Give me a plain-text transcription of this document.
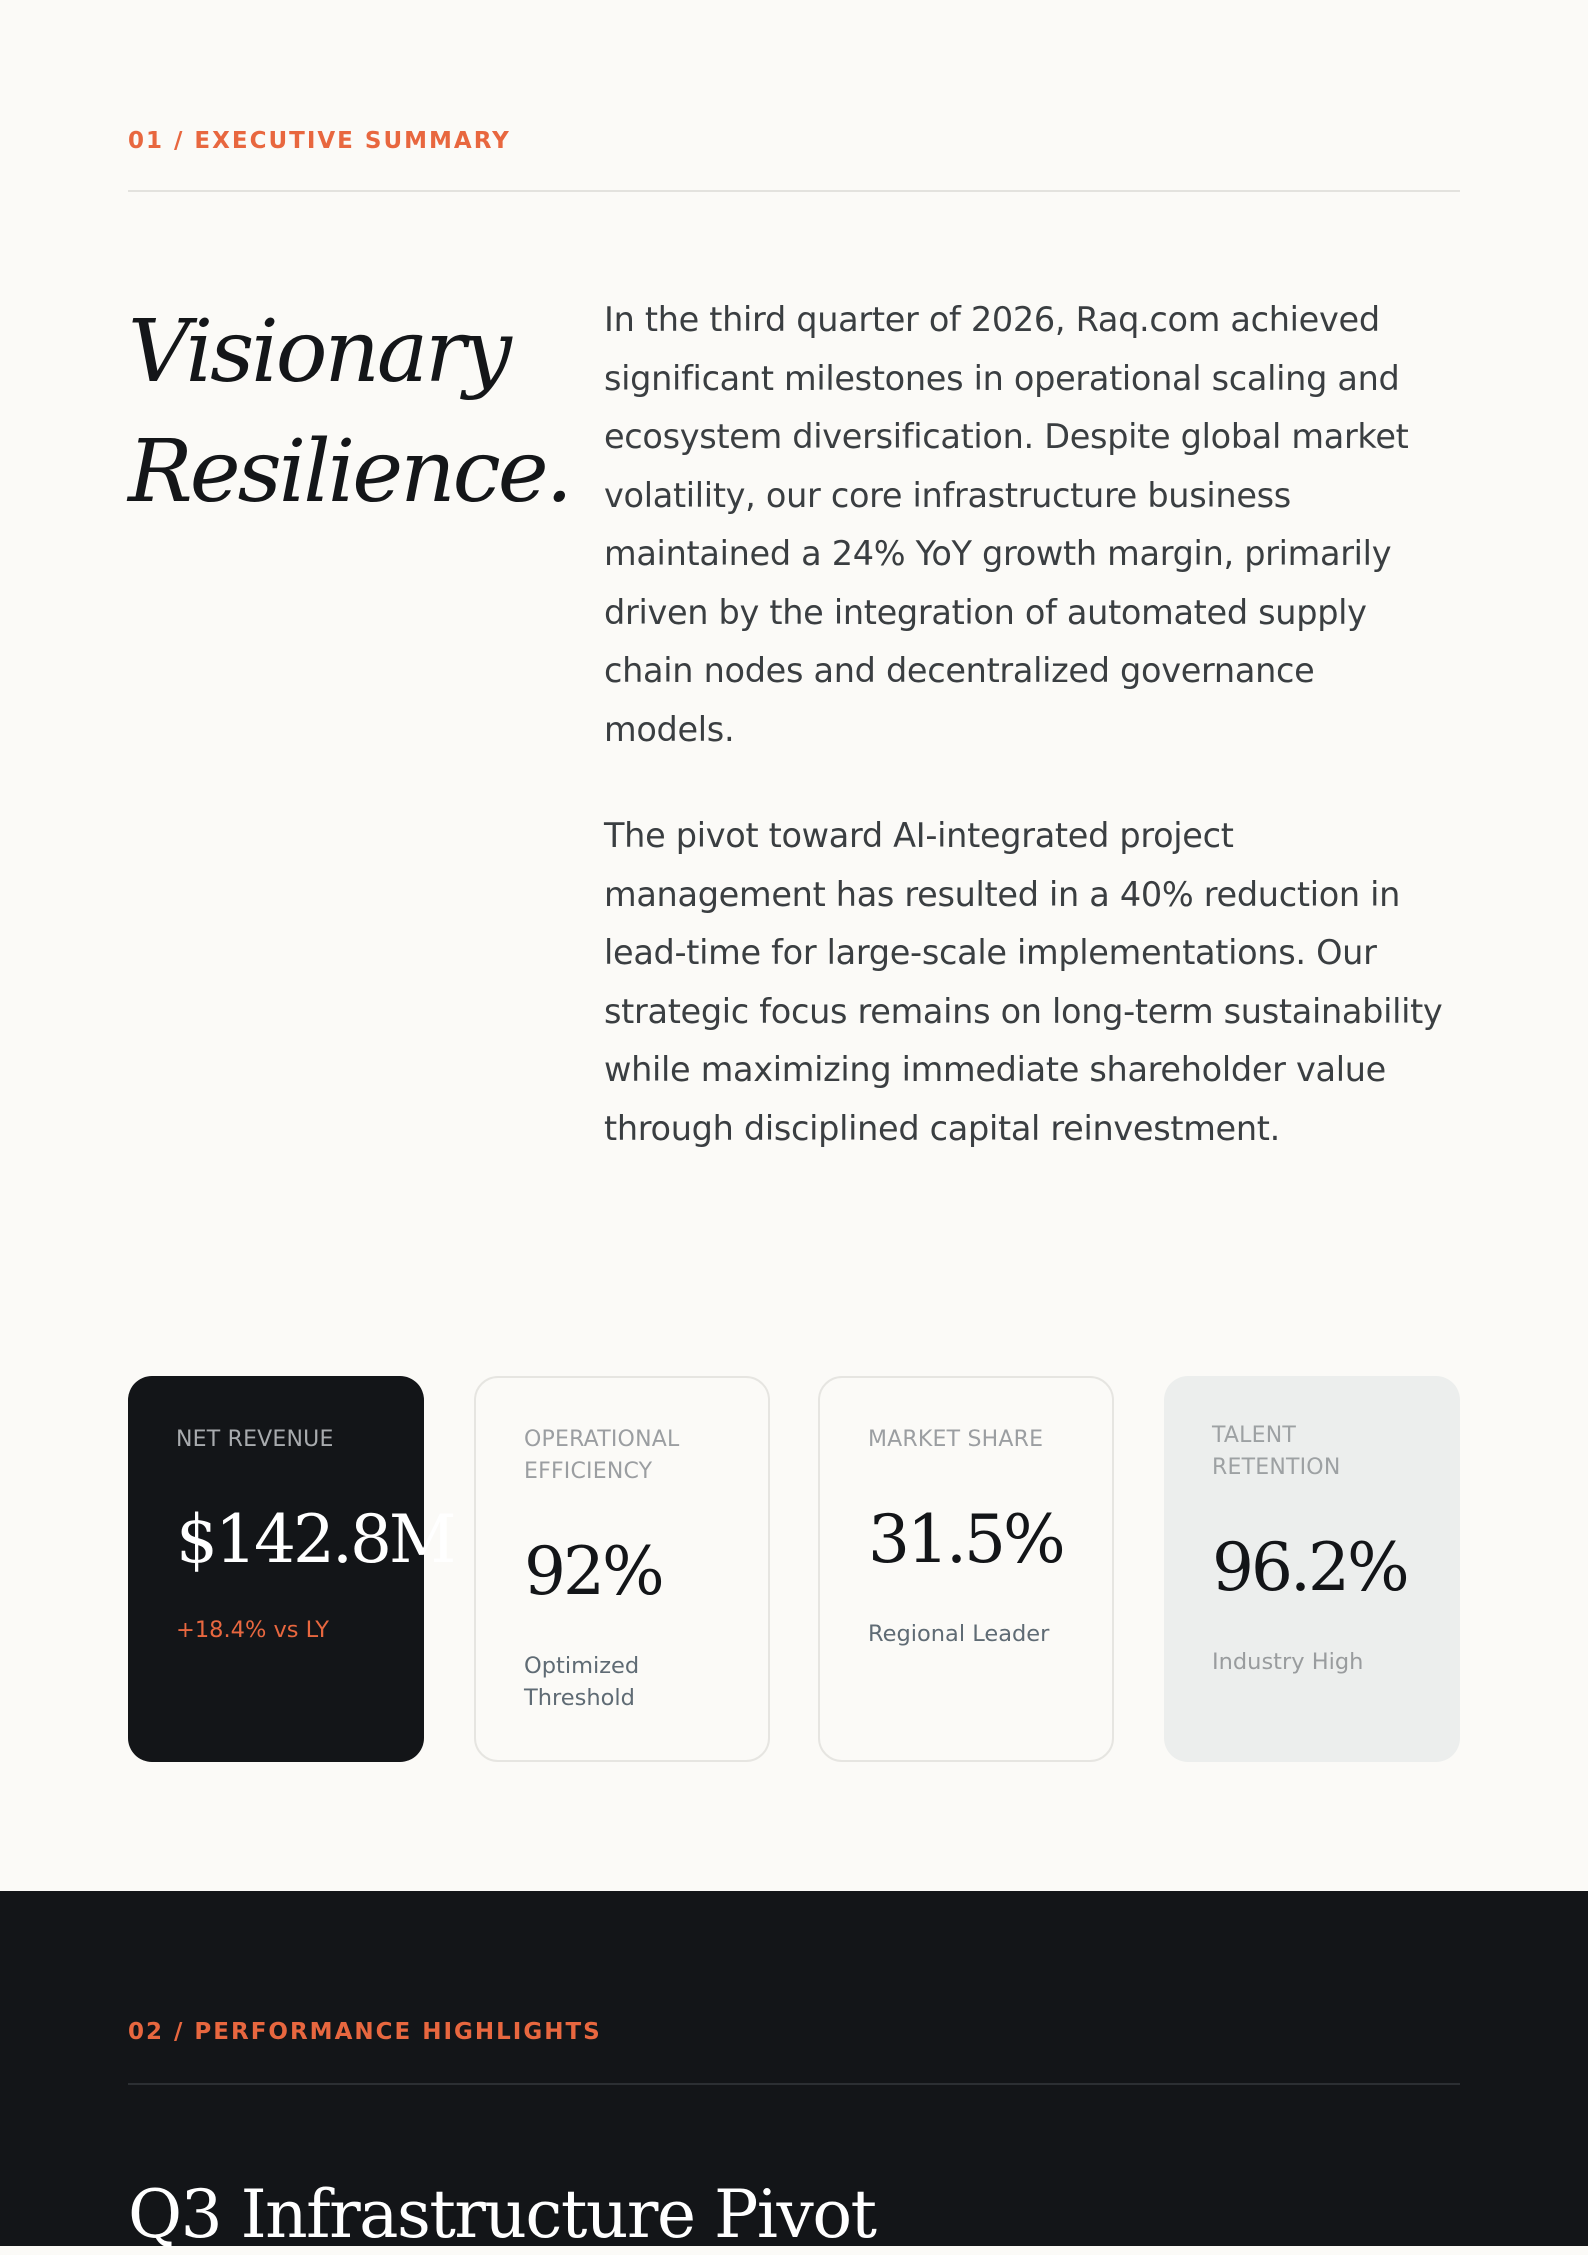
01 / EXECUTIVE SUMMARY
Visionary
Resilience.

In the third quarter of 2026, Raq.com achieved significant milestones in operational scaling and ecosystem diversification. Despite global market volatility, our core infrastructure business maintained a 24% YoY growth margin, primarily driven by the integration of automated supply chain nodes and decentralized governance models.

The pivot toward AI-integrated project management has resulted in a 40% reduction in lead-time for large-scale implementations. Our strategic focus remains on long-term sustainability while maximizing immediate shareholder value through disciplined capital reinvestment.

NET REVENUE
$142.8M
+18.4% vs LY
OPERATIONAL EFFICIENCY
92%
Optimized Threshold
MARKET SHARE
31.5%
Regional Leader
TALENT RETENTION
96.2%
Industry High
02 / PERFORMANCE HIGHLIGHTS
Q3 Infrastructure Pivot
